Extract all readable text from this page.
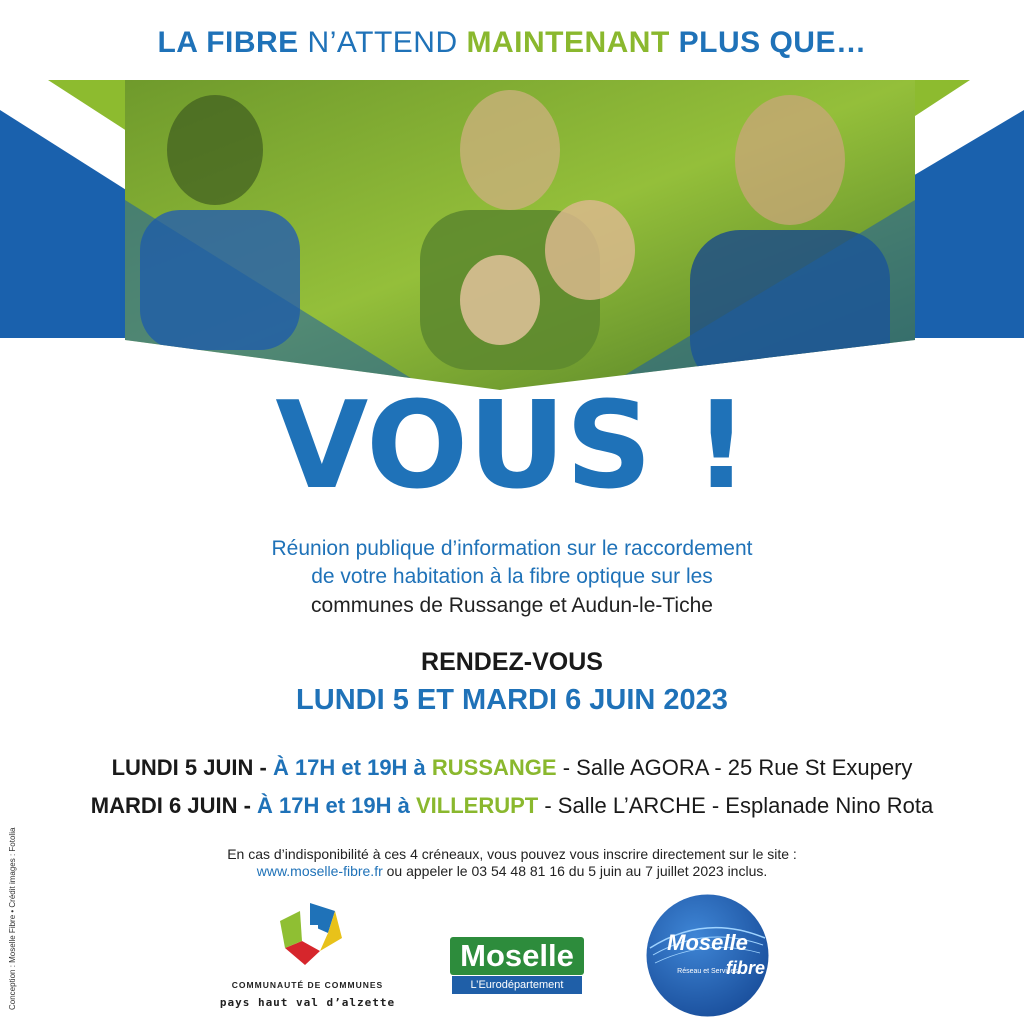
LA FIBRE N’ATTEND MAINTENANT PLUS QUE…
VOUS !
Réunion publique d’information sur le raccordement
de votre habitation à la fibre optique sur les
communes de Russange et Audun-le-Tiche
RENDEZ-VOUS
LUNDI 5 ET MARDI 6 JUIN 2023
LUNDI 5 JUIN - À 17H et 19H à RUSSANGE - Salle AGORA - 25 Rue St Exupery
MARDI 6 JUIN - À 17H et 19H à VILLERUPT - Salle L’ARCHE - Esplanade Nino Rota
En cas d’indisponibilité à ces 4 créneaux, vous pouvez vous inscrire directement sur le site :
www.moselle-fibre.fr ou appeler le 03 54 48 81 16 du 5 juin au 7 juillet 2023 inclus.
Conception : Moselle Fibre • Crédit images : Fotolia	COMMUNAUTÉ DE COMMUNES
pays haut val d’alzette
Moselle
L’Eurodépartement
Moselle
Réseau et Services
fibre
